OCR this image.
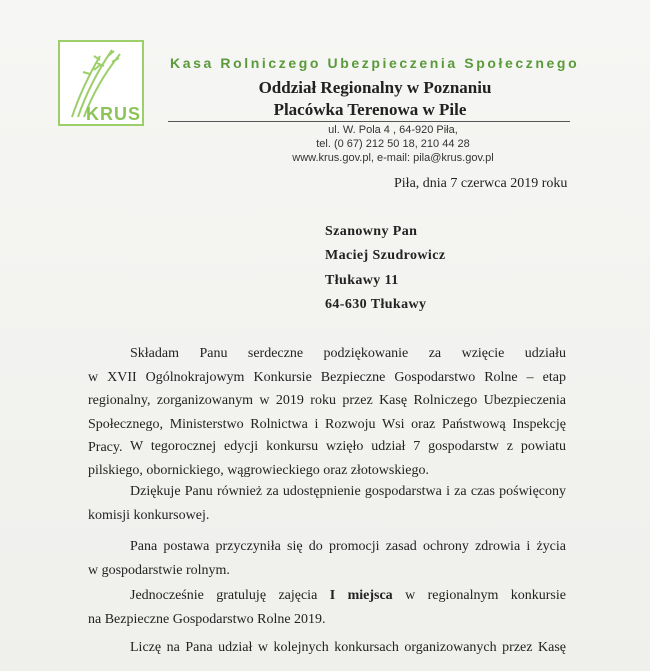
KRUS
Kasa Rolniczego Ubezpieczenia Społecznego
Oddział Regionalny w Poznaniu
Placówka Terenowa w Pile
ul. W. Pola 4 , 64-920 Piła,
tel. (0 67) 212 50 18, 210 44 28
www.krus.gov.pl, e-mail: pila@krus.gov.pl
Piła, dnia 7 czerwca 2019 roku
Szanowny Pan
Maciej Szudrowicz
Tłukawy 11
64-630 Tłukawy
Składam Panu serdeczne podziękowanie za wzięcie udziału
w XVII Ogólnokrajowym Konkursie Bezpieczne Gospodarstwo Rolne – etap
regionalny, zorganizowanym w 2019 roku przez Kasę Rolniczego Ubezpieczenia
Społecznego, Ministerstwo Rolnictwa i Rozwoju Wsi oraz Państwową Inspekcję Pracy. W tegorocznej edycji konkursu wzięło udział 7 gospodarstw z powiatu
pilskiego, obornickiego, wągrowieckiego oraz złotowskiego.
Dziękuje Panu również za udostępnienie gospodarstwa i za czas poświęcony
komisji konkursowej.
Pana postawa przyczyniła się do promocji zasad ochrony zdrowia i życia
w gospodarstwie rolnym.
Jednocześnie gratuluję zajęcia I miejsca w regionalnym konkursie
na Bezpieczne Gospodarstwo Rolne 2019.
Liczę na Pana udział w kolejnych konkursach organizowanych przez Kasę
